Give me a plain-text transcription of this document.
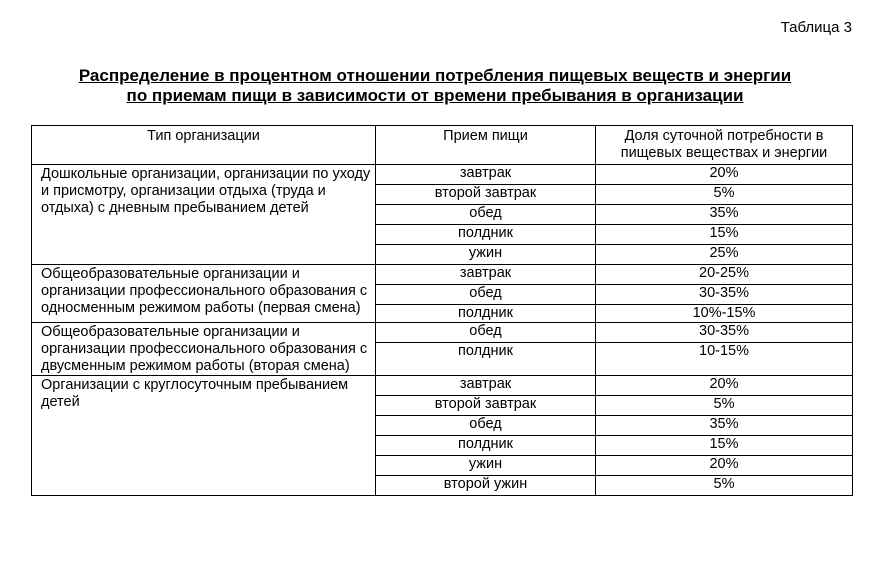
Таблица 3
Распределение в процентном отношении потребления пищевых веществ и энергии
по приемам пищи в зависимости от времени пребывания в организации
Тип организации	Прием пищи	Доля суточной потребности в пищевых веществах и энергии
Дошкольные организации, организации по уходу и присмотру, организации отдыха (труда и отдыха) с дневным пребыванием детей	завтрак	20%
	второй завтрак	5%
	обед	35%
	полдник	15%
	ужин	25%
Общеобразовательные организации и организации профессионального образования с односменным режимом работы (первая смена)	завтрак	20-25%
	обед	30-35%
	полдник	10%-15%
Общеобразовательные организации и организации профессионального образования с двусменным режимом работы (вторая смена)	обед	30-35%
	полдник	10-15%
Организации с круглосуточным пребыванием детей	завтрак	20%
	второй завтрак	5%
	обед	35%
	полдник	15%
	ужин	20%
	второй ужин	5%
